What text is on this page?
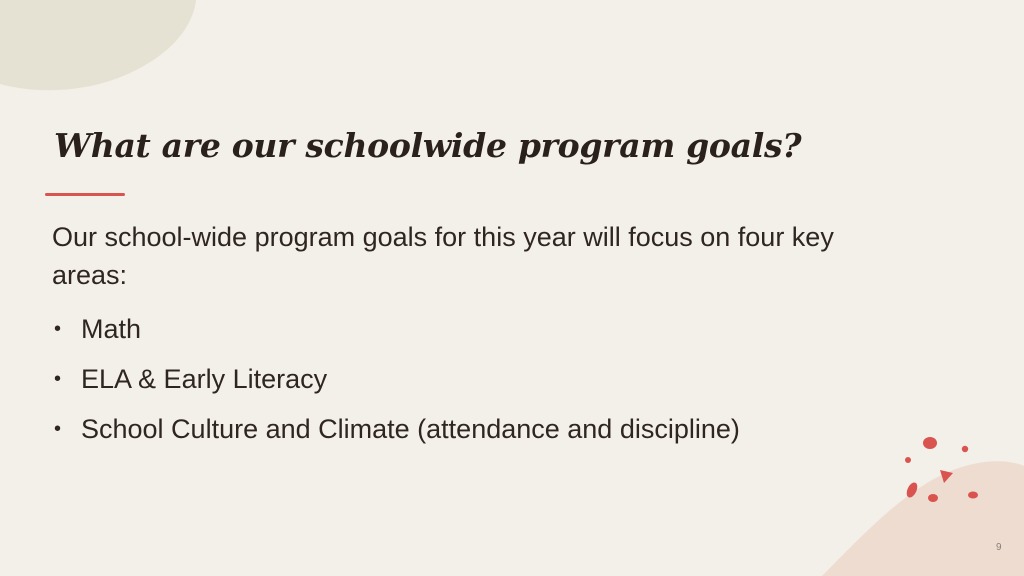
What are our schoolwide program goals?

Our school-wide program goals for this year will focus on four key areas:

• Math
• ELA & Early Literacy
• School Culture and Climate (attendance and discipline)
9
